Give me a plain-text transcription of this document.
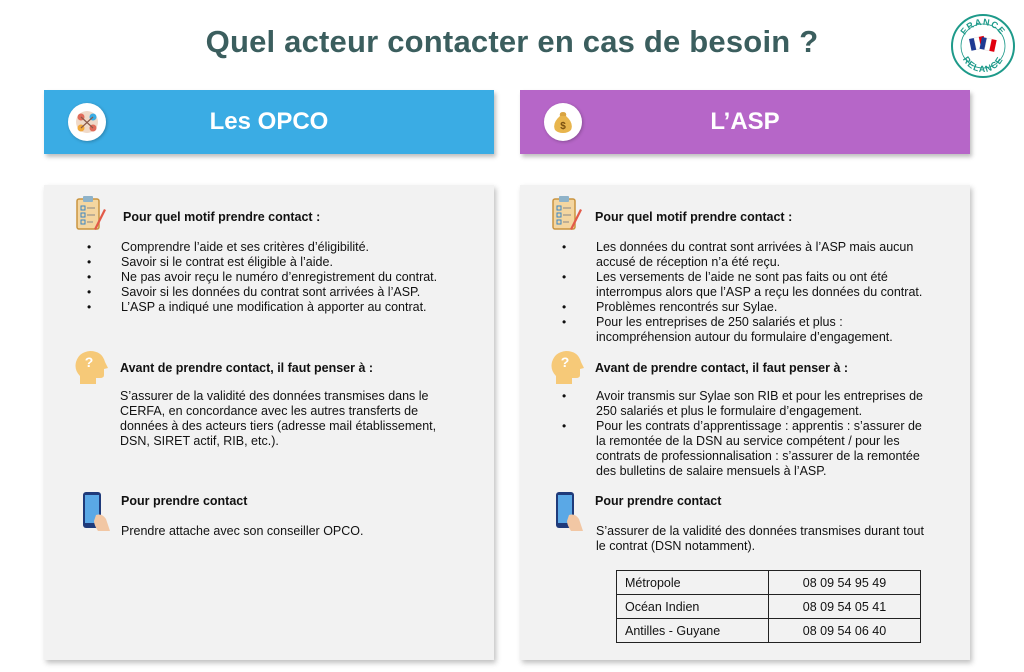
Quel acteur contacter en cas de besoin ?	FRANCE
RELANCE
Les OPCO	$	L’ASP
Pour quel motif prendre contact :
• Comprendre l’aide et ses critères d’éligibilité.
• Savoir si le contrat est éligible à l’aide.
• Ne pas avoir reçu le numéro d’enregistrement du contrat.
• Savoir si les données du contrat sont arrivées à l’ASP.
• L’ASP a indiqué une modification à apporter au contrat.
? Avant de prendre contact, il faut penser à :
S’assurer de la validité des données transmises dans le
CERFA, en concordance avec les autres transferts de
données à des acteurs tiers (adresse mail établissement,
DSN, SIRET actif, RIB, etc.).
Pour prendre contact
Prendre attache avec son conseiller OPCO.
Pour quel motif prendre contact :
• Les données du contrat sont arrivées à l’ASP mais aucun
accusé de réception n’a été reçu.
• Les versements de l’aide ne sont pas faits ou ont été
interrompus alors que l’ASP a reçu les données du contrat.
• Problèmes rencontrés sur Sylae.
• Pour les entreprises de 250 salariés et plus :
incompréhension autour du formulaire d’engagement.
? Avant de prendre contact, il faut penser à :
• Avoir transmis sur Sylae son RIB et pour les entreprises de
250 salariés et plus le formulaire d’engagement.
• Pour les contrats d’apprentissage : apprentis : s’assurer de
la remontée de la DSN au service compétent / pour les
contrats de professionnalisation : s’assurer de la remontée
des bulletins de salaire mensuels à l’ASP.
Pour prendre contact
S’assurer de la validité des données transmises durant tout
le contrat (DSN notamment).
Métropole	08 09 54 95 49
Océan Indien	08 09 54 05 41
Antilles - Guyane	08 09 54 06 40
